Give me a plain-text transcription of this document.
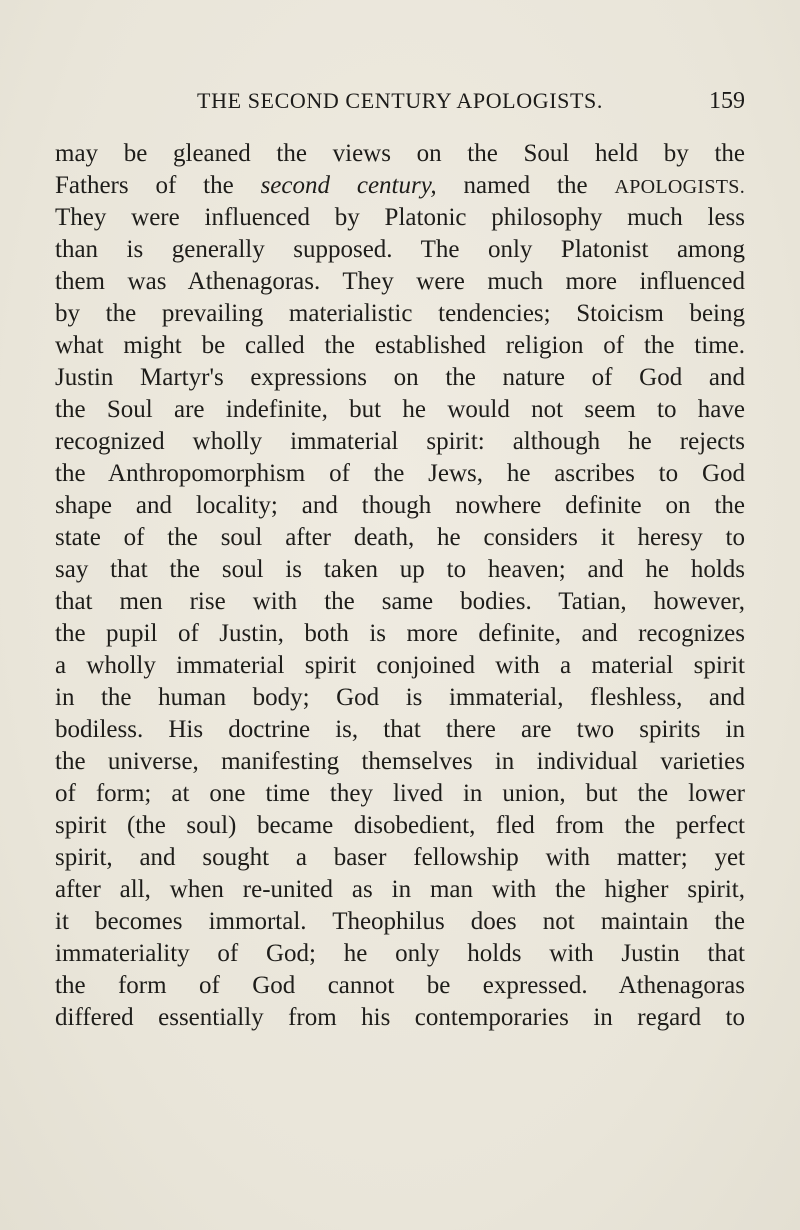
THE SECOND CENTURY APOLOGISTS.	159
may be gleaned the views on the Soul held by the
Fathers of the second century, named the APOLOGISTS.
They were influenced by Platonic philosophy much less
than is generally supposed. The only Platonist among
them was Athenagoras. They were much more influenced
by the prevailing materialistic tendencies; Stoicism being
what might be called the established religion of the time.
Justin Martyr's expressions on the nature of God and
the Soul are indefinite, but he would not seem to have
recognized wholly immaterial spirit: although he rejects
the Anthropomorphism of the Jews, he ascribes to God
shape and locality; and though nowhere definite on the
state of the soul after death, he considers it heresy to
say that the soul is taken up to heaven; and he holds
that men rise with the same bodies. Tatian, however,
the pupil of Justin, both is more definite, and recognizes
a wholly immaterial spirit conjoined with a material spirit
in the human body; God is immaterial, fleshless, and
bodiless. His doctrine is, that there are two spirits in
the universe, manifesting themselves in individual varieties
of form; at one time they lived in union, but the lower
spirit (the soul) became disobedient, fled from the perfect
spirit, and sought a baser fellowship with matter; yet
after all, when re-united as in man with the higher spirit,
it becomes immortal. Theophilus does not maintain the
immateriality of God; he only holds with Justin that
the form of God cannot be expressed. Athenagoras
differed essentially from his contemporaries in regard to
